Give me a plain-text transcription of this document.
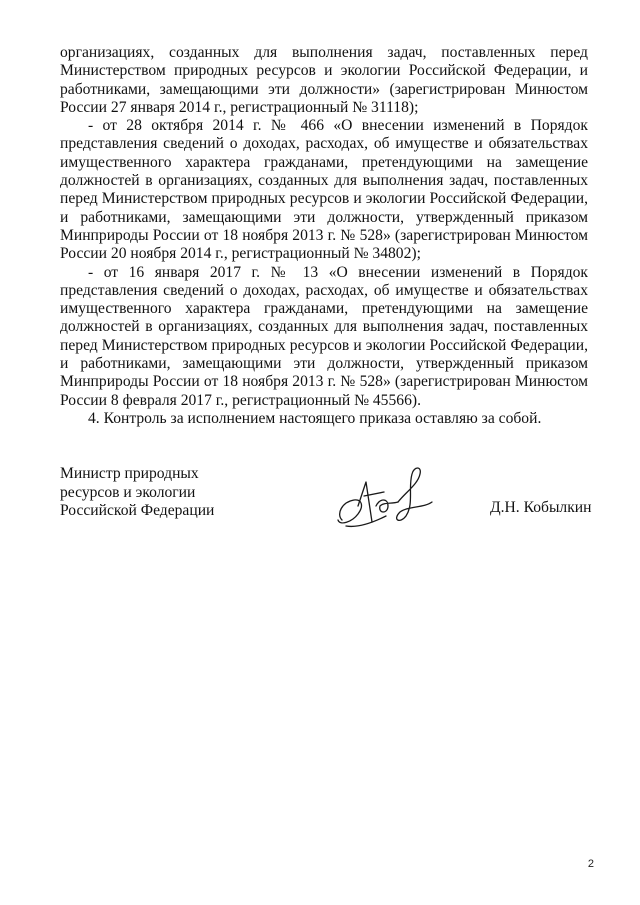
организациях, созданных для выполнения задач, поставленных перед Министерством природных ресурсов и экологии Российской Федерации, и работниками, замещающими эти должности» (зарегистрирован Минюстом России 27 января 2014 г., регистрационный № 31118);

- от 28 октября 2014 г. № 466 «О внесении изменений в Порядок представления сведений о доходах, расходах, об имуществе и обязательствах имущественного характера гражданами, претендующими на замещение должностей в организациях, созданных для выполнения задач, поставленных перед Министерством природных ресурсов и экологии Российской Федерации, и работниками, замещающими эти должности, утвержденный приказом Минприроды России от 18 ноября 2013 г. № 528» (зарегистрирован Минюстом России 20 ноября 2014 г., регистрационный № 34802);

- от 16 января 2017 г. № 13 «О внесении изменений в Порядок представления сведений о доходах, расходах, об имуществе и обязательствах имущественного характера гражданами, претендующими на замещение должностей в организациях, созданных для выполнения задач, поставленных перед Министерством природных ресурсов и экологии Российской Федерации, и работниками, замещающими эти должности, утвержденный приказом Минприроды России от 18 ноября 2013 г. № 528» (зарегистрирован Минюстом России 8 февраля 2017 г., регистрационный № 45566).

4. Контроль за исполнением настоящего приказа оставляю за собой.

Министр природных
ресурсов и экологии
Российской Федерации	Д.Н. Кобылкин
2
